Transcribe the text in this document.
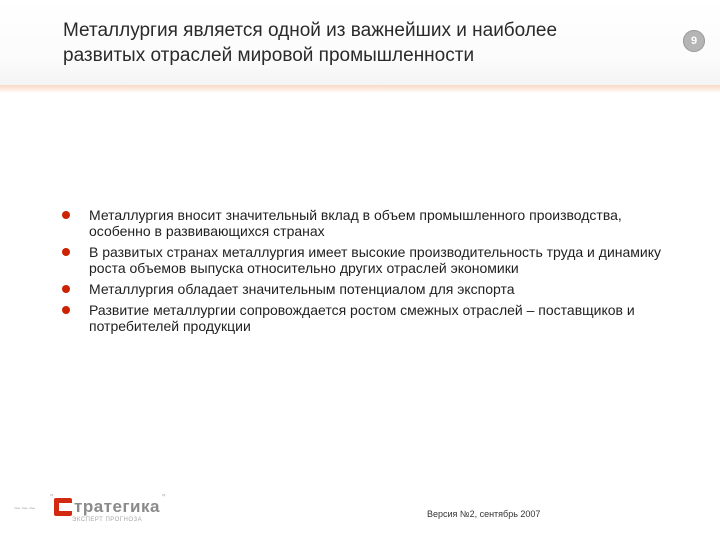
Металлургия является одной из важнейших и наиболее
развитых отраслей мировой промышленности
9
Металлургия вносит значительный вклад в объем промышленного производства, особенно в развивающихся странах
В развитых странах металлургия имеет высокие производительность труда и динамику роста объемов выпуска относительно других отраслей экономики
Металлургия обладает значительным потенциалом для экспорта
Развитие металлургии сопровождается ростом смежных отраслей – поставщиков и потребителей продукции
~~~
" тратегика "
ЭКСПЕРТ ПРОГНОЗА
Версия №2, сентябрь 2007
